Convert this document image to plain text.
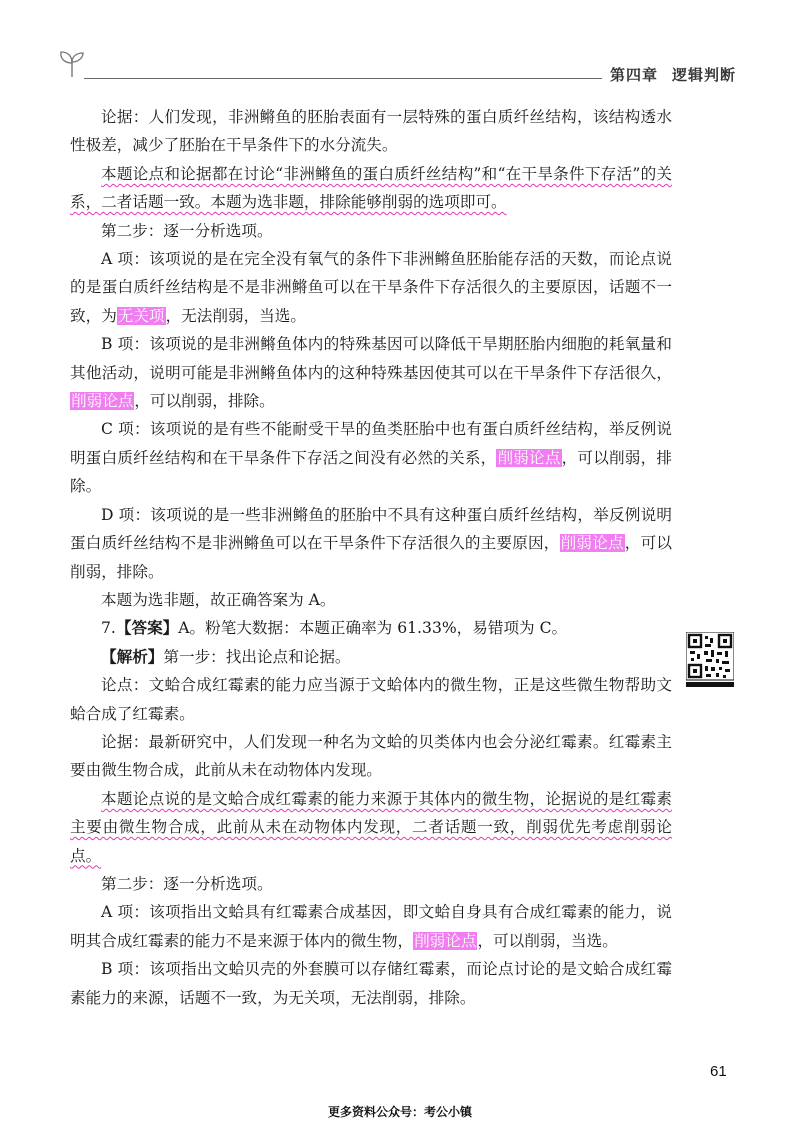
第四章 逻辑判断

论据：人们发现，非洲鳉鱼的胚胎表面有一层特殊的蛋白质纤丝结构，该结构透水性极差，减少了胚胎在干旱条件下的水分流失。

本题论点和论据都在讨论“非洲鳉鱼的蛋白质纤丝结构”和“在干旱条件下存活”的关系，二者话题一致。本题为选非题，排除能够削弱的选项即可。

第二步：逐一分析选项。

A 项：该项说的是在完全没有氧气的条件下非洲鳉鱼胚胎能存活的天数，而论点说的是蛋白质纤丝结构是不是非洲鳉鱼可以在干旱条件下存活很久的主要原因，话题不一致，为无关项，无法削弱，当选。

B 项：该项说的是非洲鳉鱼体内的特殊基因可以降低干旱期胚胎内细胞的耗氧量和其他活动，说明可能是非洲鳉鱼体内的这种特殊基因使其可以在干旱条件下存活很久，削弱论点，可以削弱，排除。

C 项：该项说的是有些不能耐受干旱的鱼类胚胎中也有蛋白质纤丝结构，举反例说明蛋白质纤丝结构和在干旱条件下存活之间没有必然的关系，削弱论点，可以削弱，排除。

D 项：该项说的是一些非洲鳉鱼的胚胎中不具有这种蛋白质纤丝结构，举反例说明蛋白质纤丝结构不是非洲鳉鱼可以在干旱条件下存活很久的主要原因，削弱论点，可以削弱，排除。

本题为选非题，故正确答案为 A。

7.【答案】A。粉笔大数据：本题正确率为 61.33%，易错项为 C。

【解析】第一步：找出论点和论据。

论点：文蛤合成红霉素的能力应当源于文蛤体内的微生物，正是这些微生物帮助文蛤合成了红霉素。

论据：最新研究中，人们发现一种名为文蛤的贝类体内也会分泌红霉素。红霉素主要由微生物合成，此前从未在动物体内发现。

本题论点说的是文蛤合成红霉素的能力来源于其体内的微生物，论据说的是红霉素主要由微生物合成，此前从未在动物体内发现，二者话题一致，削弱优先考虑削弱论点。

第二步：逐一分析选项。

A 项：该项指出文蛤具有红霉素合成基因，即文蛤自身具有合成红霉素的能力，说明其合成红霉素的能力不是来源于体内的微生物，削弱论点，可以削弱，当选。

B 项：该项指出文蛤贝壳的外套膜可以存储红霉素，而论点讨论的是文蛤合成红霉素能力的来源，话题不一致，为无关项，无法削弱，排除。

61
更多资料公众号：考公小镇
